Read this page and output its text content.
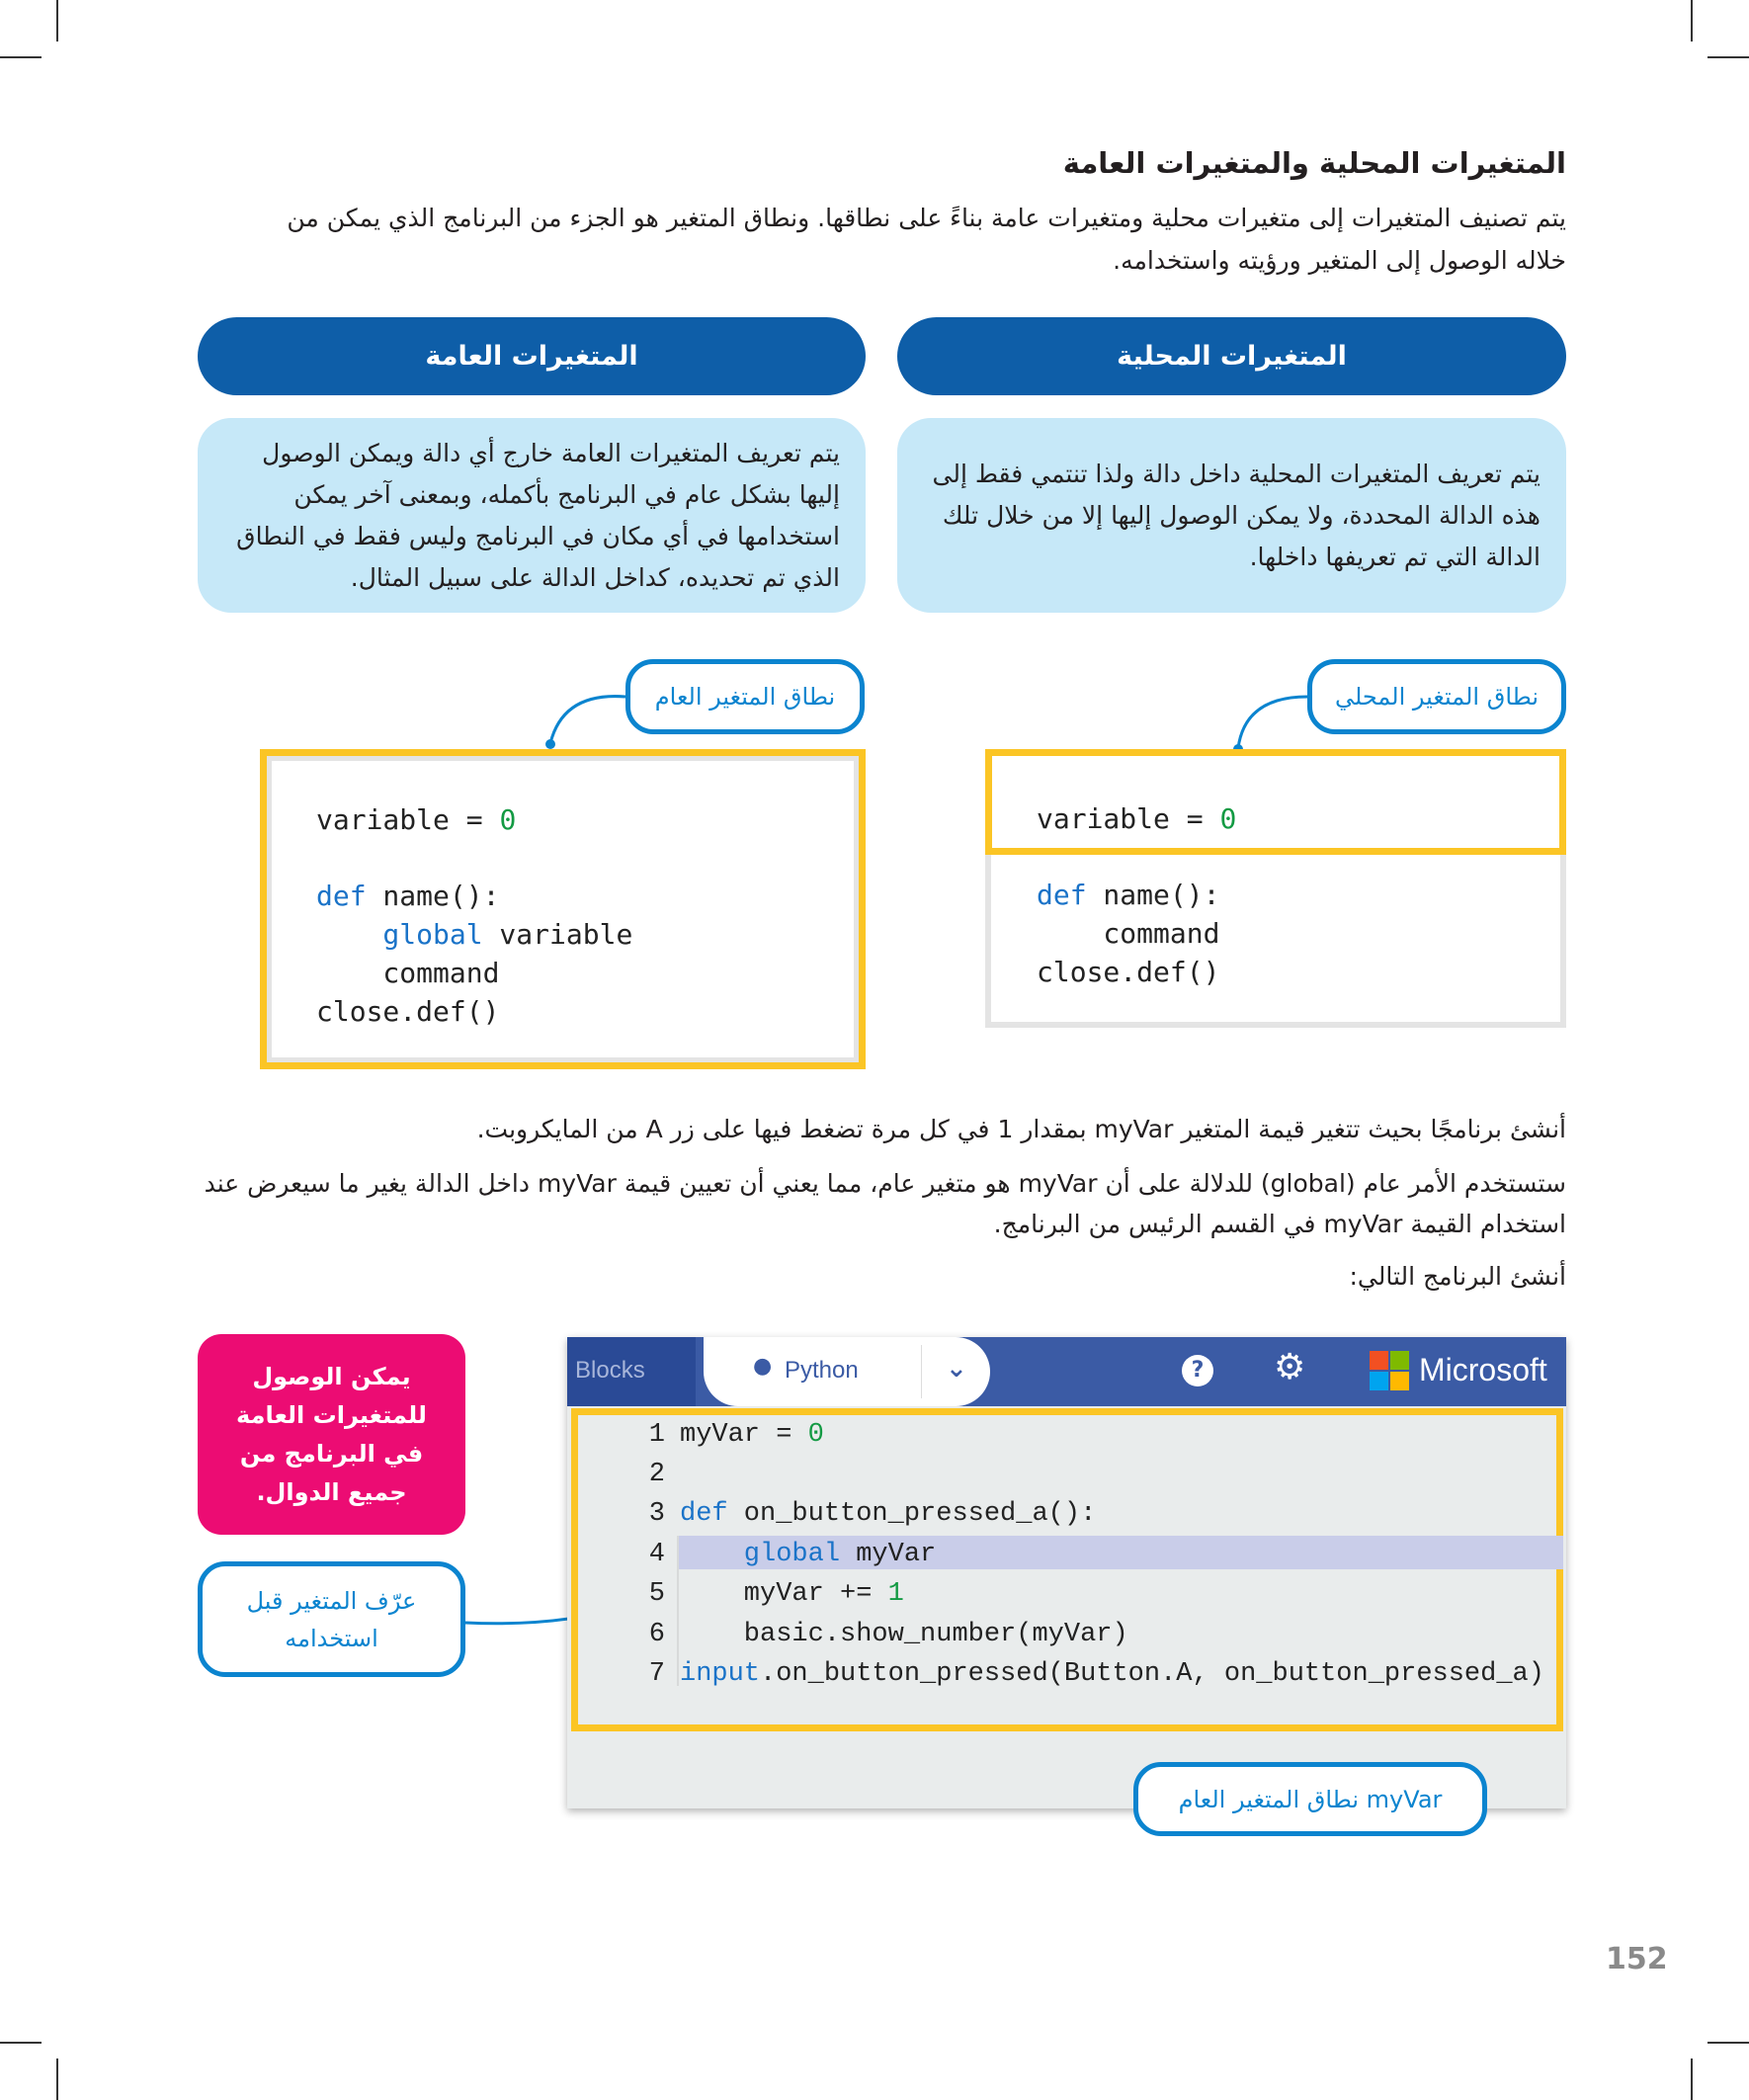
المتغيرات المحلية والمتغيرات العامة
يتم تصنيف المتغيرات إلى متغيرات محلية ومتغيرات عامة بناءً على نطاقها. ونطاق المتغير هو الجزء من البرنامج الذي يمكن من
خلاله الوصول إلى المتغير ورؤيته واستخدامه.
المتغيرات المحلية
المتغيرات العامة
يتم تعريف المتغيرات المحلية داخل دالة ولذا تنتمي فقط إلى هذه الدالة المحددة، ولا يمكن الوصول إليها إلا من خلال تلك الدالة التي تم تعريفها داخلها.
يتم تعريف المتغيرات العامة خارج أي دالة ويمكن الوصول إليها بشكل عام في البرنامج بأكمله، وبمعنى آخر يمكن استخدامها في أي مكان في البرنامج وليس فقط في النطاق الذي تم تحديده، كداخل الدالة على سبيل المثال.
نطاق المتغير العام	نطاق المتغير المحلي
variable = 0
def name():
global variable
command
close.def()
variable = 0
def name():
command
close.def()
أنشئ برنامجًا بحيث تتغير قيمة المتغير myVar بمقدار 1 في كل مرة تضغط فيها على زر A من المايكروبت.
ستستخدم الأمر عام (global) للدلالة على أن myVar هو متغير عام، مما يعني أن تعيين قيمة myVar داخل الدالة يغير ما سيعرض عند استخدام القيمة myVar في القسم الرئيس من البرنامج.
أنشئ البرنامج التالي:
يمكن الوصول للمتغيرات العامة في البرنامج من جميع الدوال.
عرّف المتغير قبل استخدامه
Blocks	● Python	⌄	? ⚙	Microsoft

1 myVar = 0

2

3 def on_button_pressed_a():

4 global myVar

5 myVar += 1

6 basic.show_number(myVar)

7 input.on_button_pressed(Button.A, on_button_pressed_a)

نطاق المتغير العام myVar
152
